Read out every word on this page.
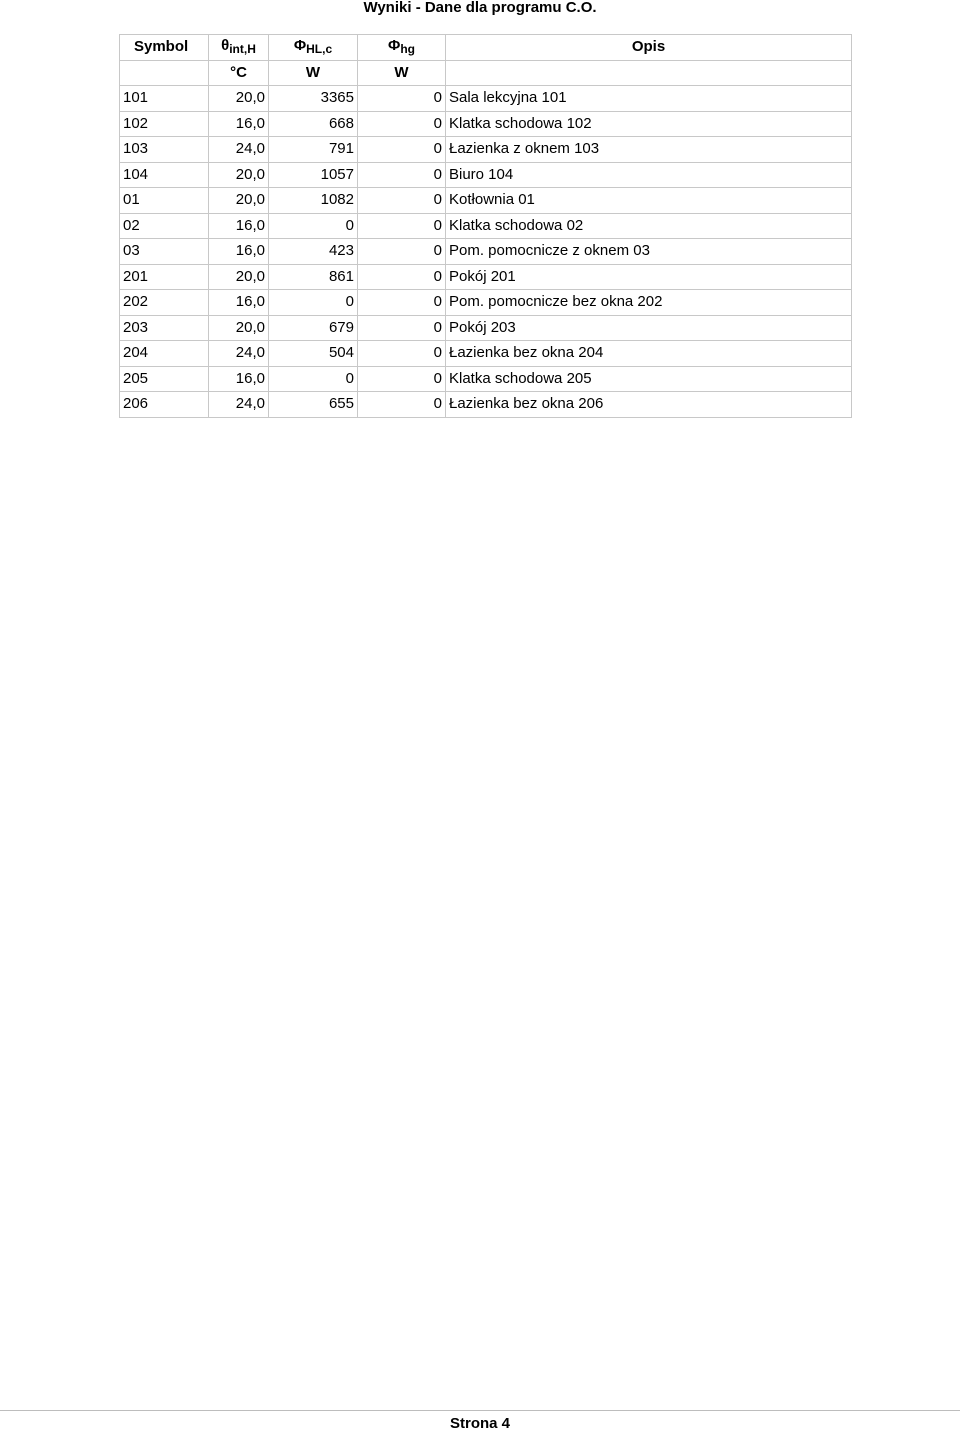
Wyniki - Dane dla programu C.O.
Symbol	$\theta_{int,H}$	$\Phi_{HL,c}$	$\Phi_{hg}$	Opis
	°C	W	W	
101	20,0	3365	0	Sala lekcyjna 101
102	16,0	668	0	Klatka schodowa 102
103	24,0	791	0	Łazienka z oknem 103
104	20,0	1057	0	Biuro 104
01	20,0	1082	0	Kotłownia 01
02	16,0	0	0	Klatka schodowa 02
03	16,0	423	0	Pom. pomocnicze z oknem 03
201	20,0	861	0	Pokój 201
202	16,0	0	0	Pom. pomocnicze bez okna 202
203	20,0	679	0	Pokój 203
204	24,0	504	0	Łazienka bez okna 204
205	16,0	0	0	Klatka schodowa 205
206	24,0	655	0	Łazienka bez okna 206
Strona 4
